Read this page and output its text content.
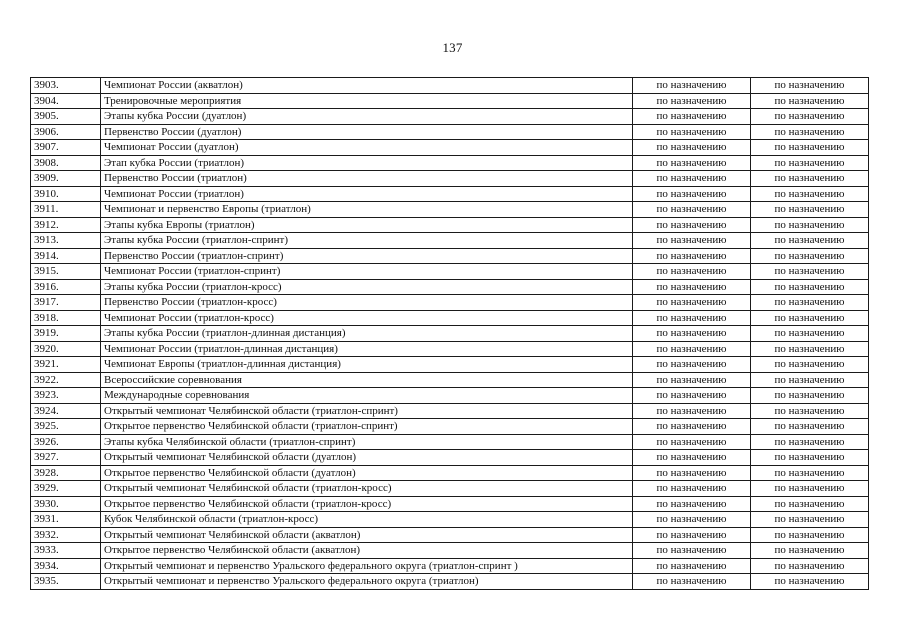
137
3903.	Чемпионат России (акватлон)	по назначению	по назначению
3904.	Тренировочные мероприятия	по назначению	по назначению
3905.	Этапы кубка России (дуатлон)	по назначению	по назначению
3906.	Первенство России (дуатлон)	по назначению	по назначению
3907.	Чемпионат России (дуатлон)	по назначению	по назначению
3908.	Этап кубка России (триатлон)	по назначению	по назначению
3909.	Первенство России (триатлон)	по назначению	по назначению
3910.	Чемпионат России (триатлон)	по назначению	по назначению
3911.	Чемпионат и первенство Европы (триатлон)	по назначению	по назначению
3912.	Этапы кубка Европы (триатлон)	по назначению	по назначению
3913.	Этапы кубка России (триатлон-спринт)	по назначению	по назначению
3914.	Первенство России (триатлон-спринт)	по назначению	по назначению
3915.	Чемпионат России (триатлон-спринт)	по назначению	по назначению
3916.	Этапы кубка России (триатлон-кросс)	по назначению	по назначению
3917.	Первенство России (триатлон-кросс)	по назначению	по назначению
3918.	Чемпионат России (триатлон-кросс)	по назначению	по назначению
3919.	Этапы кубка России (триатлон-длинная дистанция)	по назначению	по назначению
3920.	Чемпионат России (триатлон-длинная дистанция)	по назначению	по назначению
3921.	Чемпионат Европы (триатлон-длинная дистанция)	по назначению	по назначению
3922.	Всероссийские соревнования	по назначению	по назначению
3923.	Международные соревнования	по назначению	по назначению
3924.	Открытый чемпионат Челябинской области (триатлон-спринт)	по назначению	по назначению
3925.	Открытое первенство Челябинской области (триатлон-спринт)	по назначению	по назначению
3926.	Этапы кубка Челябинской области (триатлон-спринт)	по назначению	по назначению
3927.	Открытый чемпионат Челябинской области (дуатлон)	по назначению	по назначению
3928.	Открытое первенство Челябинской области (дуатлон)	по назначению	по назначению
3929.	Открытый чемпионат Челябинской области (триатлон-кросс)	по назначению	по назначению
3930.	Открытое первенство Челябинской области (триатлон-кросс)	по назначению	по назначению
3931.	Кубок Челябинской области (триатлон-кросс)	по назначению	по назначению
3932.	Открытый чемпионат Челябинской области (акватлон)	по назначению	по назначению
3933.	Открытое первенство Челябинской области (акватлон)	по назначению	по назначению
3934.	Открытый чемпионат и первенство Уральского федерального округа (триатлон-спринт )	по назначению	по назначению
3935.	Открытый чемпионат и первенство Уральского федерального округа (триатлон)	по назначению	по назначению
